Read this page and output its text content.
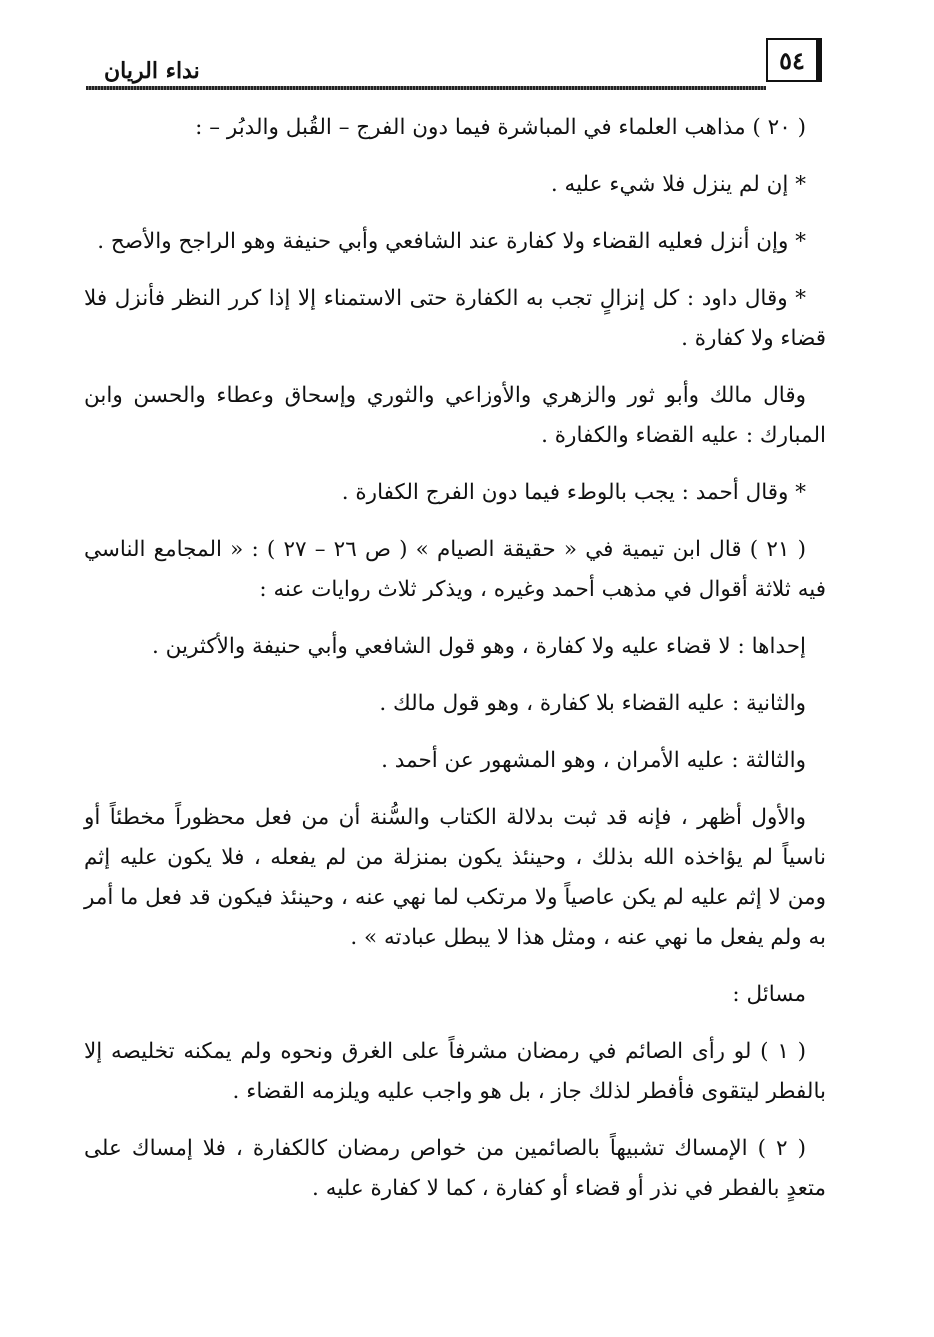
٥٤
نداء الريان

( ٢٠ ) مذاهب العلماء في المباشرة فيما دون الفرج – القُبل والدبُر – :

* إن لم ينزل فلا شيء عليه .

* وإن أنزل فعليه القضاء ولا كفارة عند الشافعي وأبي حنيفة وهو الراجح والأصح .

* وقال داود : كل إنزالٍ تجب به الكفارة حتى الاستمناء إلا إذا كرر النظر فأنزل فلا قضاء ولا كفارة .

وقال مالك وأبو ثور والزهري والأوزاعي والثوري وإسحاق وعطاء والحسن وابن المبارك : عليه القضاء والكفارة .

* وقال أحمد : يجب بالوطء فيما دون الفرج الكفارة .

( ٢١ ) قال ابن تيمية في « حقيقة الصيام » ( ص ٢٦ – ٢٧ ) : « المجامع الناسي فيه ثلاثة أقوال في مذهب أحمد وغيره ، ويذكر ثلاث روايات عنه :

إحداها : لا قضاء عليه ولا كفارة ، وهو قول الشافعي وأبي حنيفة والأكثرين .

والثانية : عليه القضاء بلا كفارة ، وهو قول مالك .

والثالثة : عليه الأمران ، وهو المشهور عن أحمد .

والأول أظهر ، فإنه قد ثبت بدلالة الكتاب والسُّنة أن من فعل محظوراً مخطئاً أو ناسياً لم يؤاخذه الله بذلك ، وحينئذ يكون بمنزلة من لم يفعله ، فلا يكون عليه إثم ومن لا إثم عليه لم يكن عاصياً ولا مرتكب لما نهي عنه ، وحينئذ فيكون قد فعل ما أمر به ولم يفعل ما نهي عنه ، ومثل هذا لا يبطل عبادته » .

مسائل :

( ١ ) لو رأى الصائم في رمضان مشرفاً على الغرق ونحوه ولم يمكنه تخليصه إلا بالفطر ليتقوى فأفطر لذلك جاز ، بل هو واجب عليه ويلزمه القضاء .

( ٢ ) الإمساك تشبيهاً بالصائمين من خواص رمضان كالكفارة ، فلا إمساك على متعدٍ بالفطر في نذر أو قضاء أو كفارة ، كما لا كفارة عليه .
